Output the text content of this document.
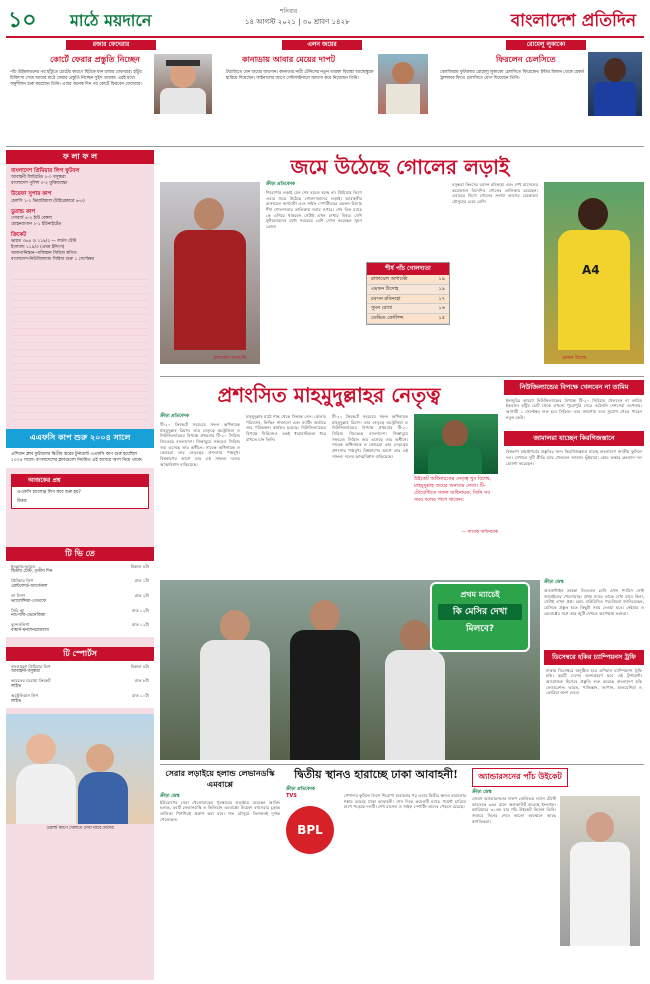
১০ মাঠে ময়দানে	শনিবার
১৪ আগস্ট ২০২১ | ৩০ শ্রাবণ ১৪২৮	বাংলাদেশ প্রতিদিন
রজার ফেদেরার
কোর্টে ফেরার প্রস্তুতি নিচ্ছেন
পাঁচ উইম্বলডনের পর হাঁটুতে চোটের কারণে ছিটকে যান রজার ফেদেরার। হাঁটুর চিকিৎসা শেষে আবার মাঠে ফেরার প্রস্তুতি নিচ্ছেন সুইস তারকা। এরই মধ্যে অনুশীলন শুরু করেছেন তিনি। এবার অনেক দিন পর কোর্টে ফিরবেন ফেদেরার।
এলন জয়ের
কানাডায় আবার মেয়ের দাপট
টরন্টোতে যেন জয়ের জয়গান। কানাডার নারী টেনিসের নতুন তারকা বিয়াঙ্কা আন্দ্রেস্কুকে হারিয়ে দিয়েছেন। ফাইনালের আগে সেমিফাইনালে জায়গা করে নিয়েছেন তিনি।
রোমেলু লুকাকো
ফিরলেন চেলসিতে
বেলজিয়াম ফুটবলার রোমেলু লুকাকো চেলসিতে ফিরেছেন। ইন্টার মিলান থেকে রেকর্ড ট্রান্সফার ফিতে চেলসিতে যোগ দিয়েছেন তিনি।
ফ লা ফ ল
বাংলাদেশ প্রিমিয়ার লিগ ফুটবল
আবাহনী লিমিটেড ২-০ বসুন্ধরা
বাংলাদেশ পুলিশ ০-২ মুক্তিযোদ্ধা
উয়েফা সুপার কাপ
চেলসি ১-১ ভিয়ারিয়াল (টাইব্রেকারে ৬-৫)
ডুরান্ড কাপ
সোবার্স ৪-২ ইস্ট বেঙ্গল
মোহনবাগান ২-১ ইউনাইটেড
ক্রিকেট
ভারত ৩৬৪ ও ১১৯/২ — লর্ডস টেস্ট
ইংল্যান্ড ১১৯/৩ (প্রথম ইনিংস)
আফগানিস্তান-পাকিস্তান সিরিজ স্থগিত
বাংলাদেশ-নিউজিল্যান্ড সিরিজ শুরু ১ সেপ্টেম্বর
এএফসি কাপ শুরু ২০০৪ সালে
এশিয়ান ক্লাব ফুটবলের দ্বিতীয় স্তরের টুর্নামেন্ট এএফসি কাপ শুরু হয়েছিল ২০০৪ সালে। বাংলাদেশের ক্লাবগুলো নিয়মিত এই আসরে অংশ নিয়ে থাকে।
আজকের প্রশ্ন
এএফসি চ্যালেঞ্জ লিগ কবে শুরু হয়?
উত্তর:
টি ভি তে
ইংল্যান্ড-ভারত	বিকাল ৪টা
দ্বিতীয় টেস্ট, তৃতীয় দিন
প্রিমিয়ার লিগ	রাত ১টা
ব্রেন্টফোর্ড-আর্সেনাল
লা লিগা	রাত ২টা
ভ্যালেন্সিয়া-গেতাফে
সিরি আ	রাত ১২টা
নাপোলি-ভেনেজিয়া
বুন্দেসলিগা	রাত ১২টা
বায়ার্ন-মনশেনগ্লাডবাখ
টি স্পোর্টস
বাংলাদেশ প্রিমিয়ার লিগ	বিকাল ৪টা
আবাহনী-বসুন্ধরা
ভারতের ঘরোয়া ক্রিকেট	রাত ৮টা
লাইভ
অস্ট্রেলিয়ান লিগ	রাত ১০টা
লাইভ
ওয়ার্ল্ড কাপে খেলতে দেখা যাবে তাদের
জমে উঠেছে গোলের লড়াই
রাফায়েল অগাস্টো
ক্রীড়া প্রতিবেদক
শিরোপার লড়াই যেন শেষ হয়েও হচ্ছে না। প্রিমিয়ার লিগে এবার জমে উঠেছে গোলদাতাদের লড়াই। আবাহনীর রাফায়েল অগাস্টো এবং সাইফ স্পোর্টিংয়ের এমফন উদোহ শীর্ষ গোলদাতার তালিকায় সবার ওপরে। শেষ তিন ম্যাচে কে এগিয়ে থাকবেন সেটাই এখন দেখার বিষয়। দেশি ফুটবলারদের মধ্যে সবচেয়ে বেশি গোল করেছেন সুমন রেজা।
শীর্ষ পাঁচ গোলদাতা
রাফায়েল অগাস্টো	১৯
এমফন উদোহ	১৯
রবসন রবিনহো	১৭
সুমন রেজা	১৬
ডেভিড কোলিন্স	১৫
বসুন্ধরা কিংসের রবসন রবিনহো এবং শেখ রাসেলের কয়েকজন বিদেশিও গোলের তালিকায় রয়েছেন। এবারের লিগে গোলের সংখ্যা আগের যেকোনো মৌসুমের চেয়ে বেশি।
A4
এমফন উদোহ
প্রশংসিত মাহমুদুল্লাহর নেতৃত্ব
ক্রীড়া প্রতিবেদক
টি-২০ ক্রিকেটে সবচেয়ে সফল অধিনায়ক মাহমুদুল্লাহ রিয়াদ। তার নেতৃত্বে অস্ট্রেলিয়া ও নিউজিল্যান্ডের বিপক্ষে প্রথমবার টি-২০ সিরিজ জিতেছে বাংলাদেশ। জিম্বাবুয়ে সফরেও সিরিজ জয় এসেছে তার অধীনে। সাবেক অধিনায়ক ও কোচেরা তার নেতৃত্বের প্রশংসায় পঞ্চমুখ। বিশ্বকাপের আগে তার এই সাফল্য দলের আত্মবিশ্বাস বাড়িয়েছে।
মাহমুদুল্লাহ মাঠে শান্ত থেকে সিদ্ধান্ত নেন। বোলার পরিবর্তন, ফিল্ডিং সাজানো এবং ব্যাটিং অর্ডারে তার পরিকল্পনা কার্যকর হয়েছে। নিউজিল্যান্ডের বিপক্ষে সিরিজেও একই ধারাবাহিকতা ধরে রাখতে চান তিনি।
টি-২০ ক্রিকেটে সবচেয়ে সফল অধিনায়ক মাহমুদুল্লাহ রিয়াদ। তার নেতৃত্বে অস্ট্রেলিয়া ও নিউজিল্যান্ডের বিপক্ষে প্রথমবার টি-২০ সিরিজ জিতেছে বাংলাদেশ। জিম্বাবুয়ে সফরেও সিরিজ জয় এসেছে তার অধীনে। সাবেক অধিনায়ক ও কোচেরা তার নেতৃত্বের প্রশংসায় পঞ্চমুখ। বিশ্বকাপের আগে তার এই সাফল্য দলের আত্মবিশ্বাস বাড়িয়েছে।
উইকেট অধিনায়কের নেতৃত্ব খুব বিশেষ, মাহমুদুল্লাহ জয়ের অন্যতম নেতা। টি-টোয়েন্টিতে সফল অধিনায়ক, তিনি সব সময় দলের পাশে থাকেন।
— সাবেক অধিনায়ক
নিউজিল্যান্ডের বিপক্ষে খেলবেন না তামিম
ইনজুরির কারণে নিউজিল্যান্ডের বিপক্ষে টি-২০ সিরিজে খেলবেন না তামিম ইকবাল। হাঁটুর চোট থেকে এখনো পুরোপুরি সেরে ওঠেননি দেশসেরা ওপেনার। আগামী ১ সেপ্টেম্বর শুরু হবে সিরিজ। তার জায়গায় দলে সুযোগ পেতে পারেন নতুন কেউ।
জামালরা যাচ্ছেন কিরগিজস্তানে
বিশ্বকাপ বাছাইপর্বের প্রস্তুতির জন্য কিরগিজস্তানে যাচ্ছে বাংলাদেশ জাতীয় ফুটবল দল। সেখানে দুটি প্রীতি ম্যাচ খেলবেন জামাল ভূঁইয়ারা। কোচ অস্কার ব্রুজোন দল ঘোষণা করেছেন।
প্রথম ম্যাচেই
কি মেসির দেখা
মিলবে?
ক্রীড়া ডেস্ক
আর্জেন্টাইন তারকা লিওনেল মেসি এখন প্যারিস সেন্ট জার্মেইনের খেলোয়াড়। প্রথম ম্যাচে তাকে দেখা যাবে কিনা, সেটাই এখন প্রশ্ন। কোচ মাউরিসিও পচেত্তিনো জানিয়েছেন, মেসিকে প্রস্তুত হতে কিছুটা সময় দেওয়া হবে। নেইমার ও এমবাপ্পের সঙ্গে তার জুটি দেখতে অপেক্ষায় ভক্তরা।
ডিসেম্বরে হকির চ্যাম্পিয়নস ট্রফি
ঢাকায় ডিসেম্বরে অনুষ্ঠিত হবে এশিয়ান চ্যাম্পিয়নস ট্রফি হকি। ছয়টি দেশের অংশগ্রহণে হবে এই টুর্নামেন্ট। আয়োজক হিসেবে প্রস্তুতি শুরু করেছে বাংলাদেশ হকি ফেডারেশন। ভারত, পাকিস্তান, জাপান, মালয়েশিয়া ও কোরিয়া অংশ নেবে।
সেরার লড়াইয়ে হলান্ড লেভানডস্কি এমবাপ্পে
ক্রীড়া ডেস্ক
ইউরোপের সেরা খেলোয়াড়ের পুরস্কারের লড়াইয়ে রয়েছেন আর্লিং হলান্ড, রবার্ট লেভানডস্কি ও কিলিয়ান এমবাপ্পে। উয়েফা বর্ষসেরার চূড়ান্ত তালিকা শিগগিরই প্রকাশ করা হবে। গত মৌসুমে তিনজনই দুর্দান্ত খেলেছেন।
দ্বিতীয় স্থানও হারাচ্ছে ঢাকা আবাহনী!
ক্রীড়া প্রতিবেদক
TVS
BPL
পেশাদার ফুটবল লিগে শিরোপা হারানোর পর এবার দ্বিতীয় স্থানও হারানোর শঙ্কায় রয়েছে ঢাকা আবাহনী। শেষ দিকে কয়েকটি ম্যাচে পয়েন্ট হারিয়ে চাপে পড়েছে দলটি। শেখ রাসেল ও সাইফ স্পোর্টিং তাদের পেছনে রয়েছে।
অ্যান্ডারসনের পাঁচ উইকেট
ক্রীড়া ডেস্ক
জেমস অ্যান্ডারসনের দারুণ বোলিংয়ে লর্ডস টেস্টে ভারতকে ৩৬৪ রানে অলআউট করেছে ইংল্যান্ড। ক্যারিয়ারে ৩১তম বার পাঁচ উইকেট নিলেন তিনি। জবাবে দিনের শেষে ভালো অবস্থানে আছে স্বাগতিকরা।
